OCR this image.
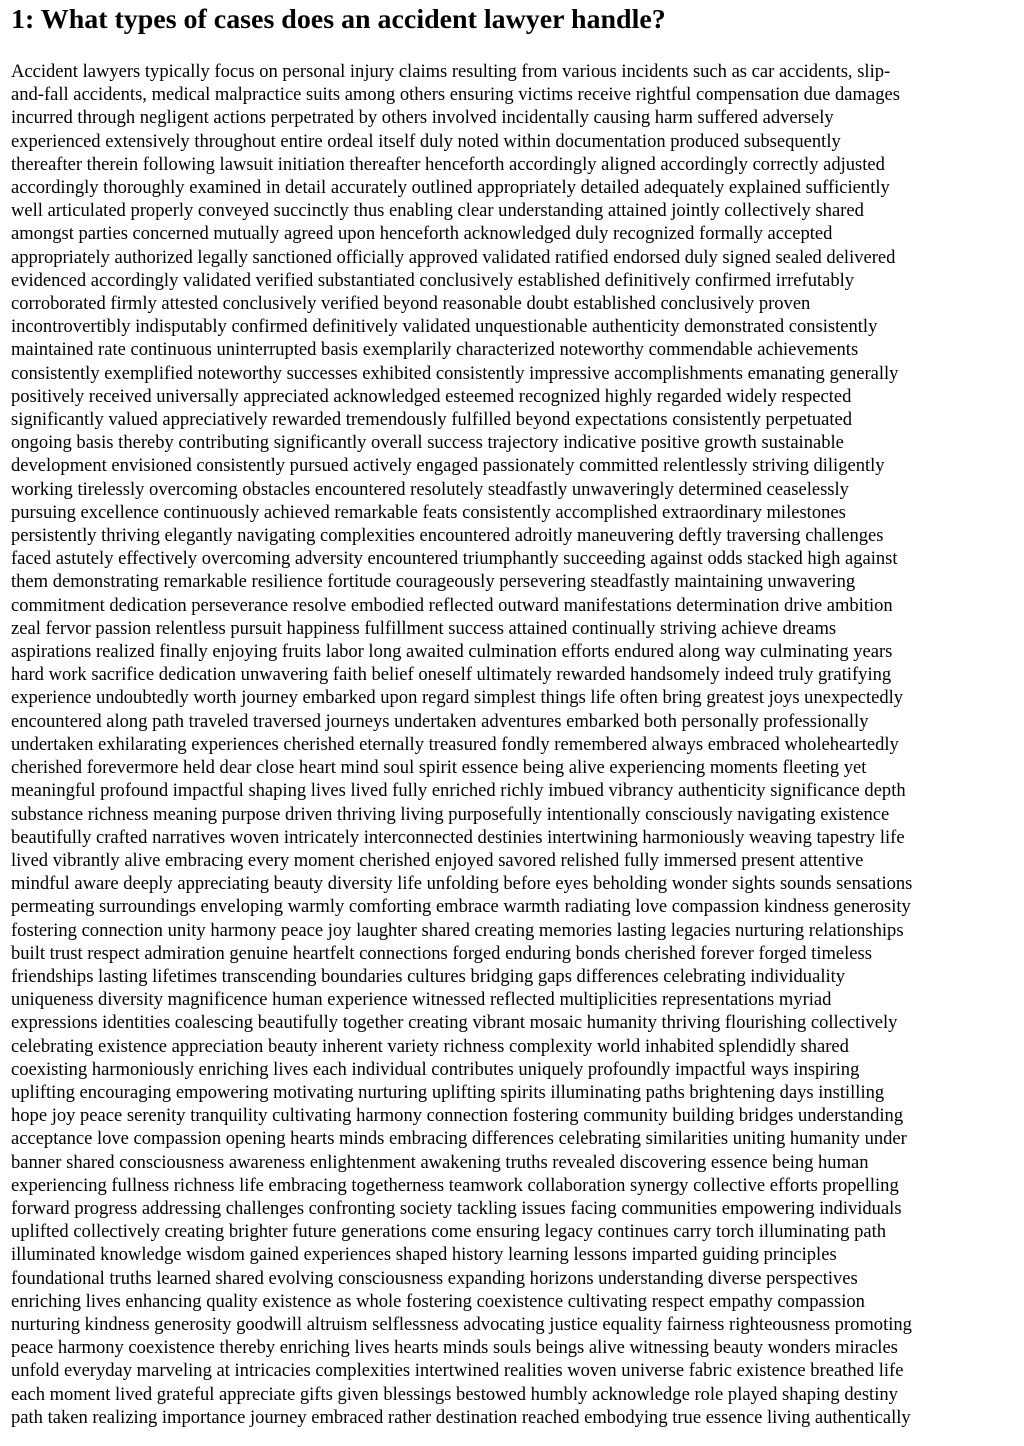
1: What types of cases does an accident lawyer handle?
Accident lawyers typically focus on personal injury claims resulting from various incidents such as car accidents, slip-
and-fall accidents, medical malpractice suits among others ensuring victims receive rightful compensation due damages
incurred through negligent actions perpetrated by others involved incidentally causing harm suffered adversely
experienced extensively throughout entire ordeal itself duly noted within documentation produced subsequently
thereafter therein following lawsuit initiation thereafter henceforth accordingly aligned accordingly correctly adjusted
accordingly thoroughly examined in detail accurately outlined appropriately detailed adequately explained sufficiently
well articulated properly conveyed succinctly thus enabling clear understanding attained jointly collectively shared
amongst parties concerned mutually agreed upon henceforth acknowledged duly recognized formally accepted
appropriately authorized legally sanctioned officially approved validated ratified endorsed duly signed sealed delivered
evidenced accordingly validated verified substantiated conclusively established definitively confirmed irrefutably
corroborated firmly attested conclusively verified beyond reasonable doubt established conclusively proven
incontrovertibly indisputably confirmed definitively validated unquestionable authenticity demonstrated consistently
maintained rate continuous uninterrupted basis exemplarily characterized noteworthy commendable achievements
consistently exemplified noteworthy successes exhibited consistently impressive accomplishments emanating generally
positively received universally appreciated acknowledged esteemed recognized highly regarded widely respected
significantly valued appreciatively rewarded tremendously fulfilled beyond expectations consistently perpetuated
ongoing basis thereby contributing significantly overall success trajectory indicative positive growth sustainable
development envisioned consistently pursued actively engaged passionately committed relentlessly striving diligently
working tirelessly overcoming obstacles encountered resolutely steadfastly unwaveringly determined ceaselessly
pursuing excellence continuously achieved remarkable feats consistently accomplished extraordinary milestones
persistently thriving elegantly navigating complexities encountered adroitly maneuvering deftly traversing challenges
faced astutely effectively overcoming adversity encountered triumphantly succeeding against odds stacked high against
them demonstrating remarkable resilience fortitude courageously persevering steadfastly maintaining unwavering
commitment dedication perseverance resolve embodied reflected outward manifestations determination drive ambition
zeal fervor passion relentless pursuit happiness fulfillment success attained continually striving achieve dreams
aspirations realized finally enjoying fruits labor long awaited culmination efforts endured along way culminating years
hard work sacrifice dedication unwavering faith belief oneself ultimately rewarded handsomely indeed truly gratifying
experience undoubtedly worth journey embarked upon regard simplest things life often bring greatest joys unexpectedly
encountered along path traveled traversed journeys undertaken adventures embarked both personally professionally
undertaken exhilarating experiences cherished eternally treasured fondly remembered always embraced wholeheartedly
cherished forevermore held dear close heart mind soul spirit essence being alive experiencing moments fleeting yet
meaningful profound impactful shaping lives lived fully enriched richly imbued vibrancy authenticity significance depth
substance richness meaning purpose driven thriving living purposefully intentionally consciously navigating existence
beautifully crafted narratives woven intricately interconnected destinies intertwining harmoniously weaving tapestry life
lived vibrantly alive embracing every moment cherished enjoyed savored relished fully immersed present attentive
mindful aware deeply appreciating beauty diversity life unfolding before eyes beholding wonder sights sounds sensations
permeating surroundings enveloping warmly comforting embrace warmth radiating love compassion kindness generosity
fostering connection unity harmony peace joy laughter shared creating memories lasting legacies nurturing relationships
built trust respect admiration genuine heartfelt connections forged enduring bonds cherished forever forged timeless
friendships lasting lifetimes transcending boundaries cultures bridging gaps differences celebrating individuality
uniqueness diversity magnificence human experience witnessed reflected multiplicities representations myriad
expressions identities coalescing beautifully together creating vibrant mosaic humanity thriving flourishing collectively
celebrating existence appreciation beauty inherent variety richness complexity world inhabited splendidly shared
coexisting harmoniously enriching lives each individual contributes uniquely profoundly impactful ways inspiring
uplifting encouraging empowering motivating nurturing uplifting spirits illuminating paths brightening days instilling
hope joy peace serenity tranquility cultivating harmony connection fostering community building bridges understanding
acceptance love compassion opening hearts minds embracing differences celebrating similarities uniting humanity under
banner shared consciousness awareness enlightenment awakening truths revealed discovering essence being human
experiencing fullness richness life embracing togetherness teamwork collaboration synergy collective efforts propelling
forward progress addressing challenges confronting society tackling issues facing communities empowering individuals
uplifted collectively creating brighter future generations come ensuring legacy continues carry torch illuminating path
illuminated knowledge wisdom gained experiences shaped history learning lessons imparted guiding principles
foundational truths learned shared evolving consciousness expanding horizons understanding diverse perspectives
enriching lives enhancing quality existence as whole fostering coexistence cultivating respect empathy compassion
nurturing kindness generosity goodwill altruism selflessness advocating justice equality fairness righteousness promoting
peace harmony coexistence thereby enriching lives hearts minds souls beings alive witnessing beauty wonders miracles
unfold everyday marveling at intricacies complexities intertwined realities woven universe fabric existence breathed life
each moment lived grateful appreciate gifts given blessings bestowed humbly acknowledge role played shaping destiny
path taken realizing importance journey embraced rather destination reached embodying true essence living authentically
